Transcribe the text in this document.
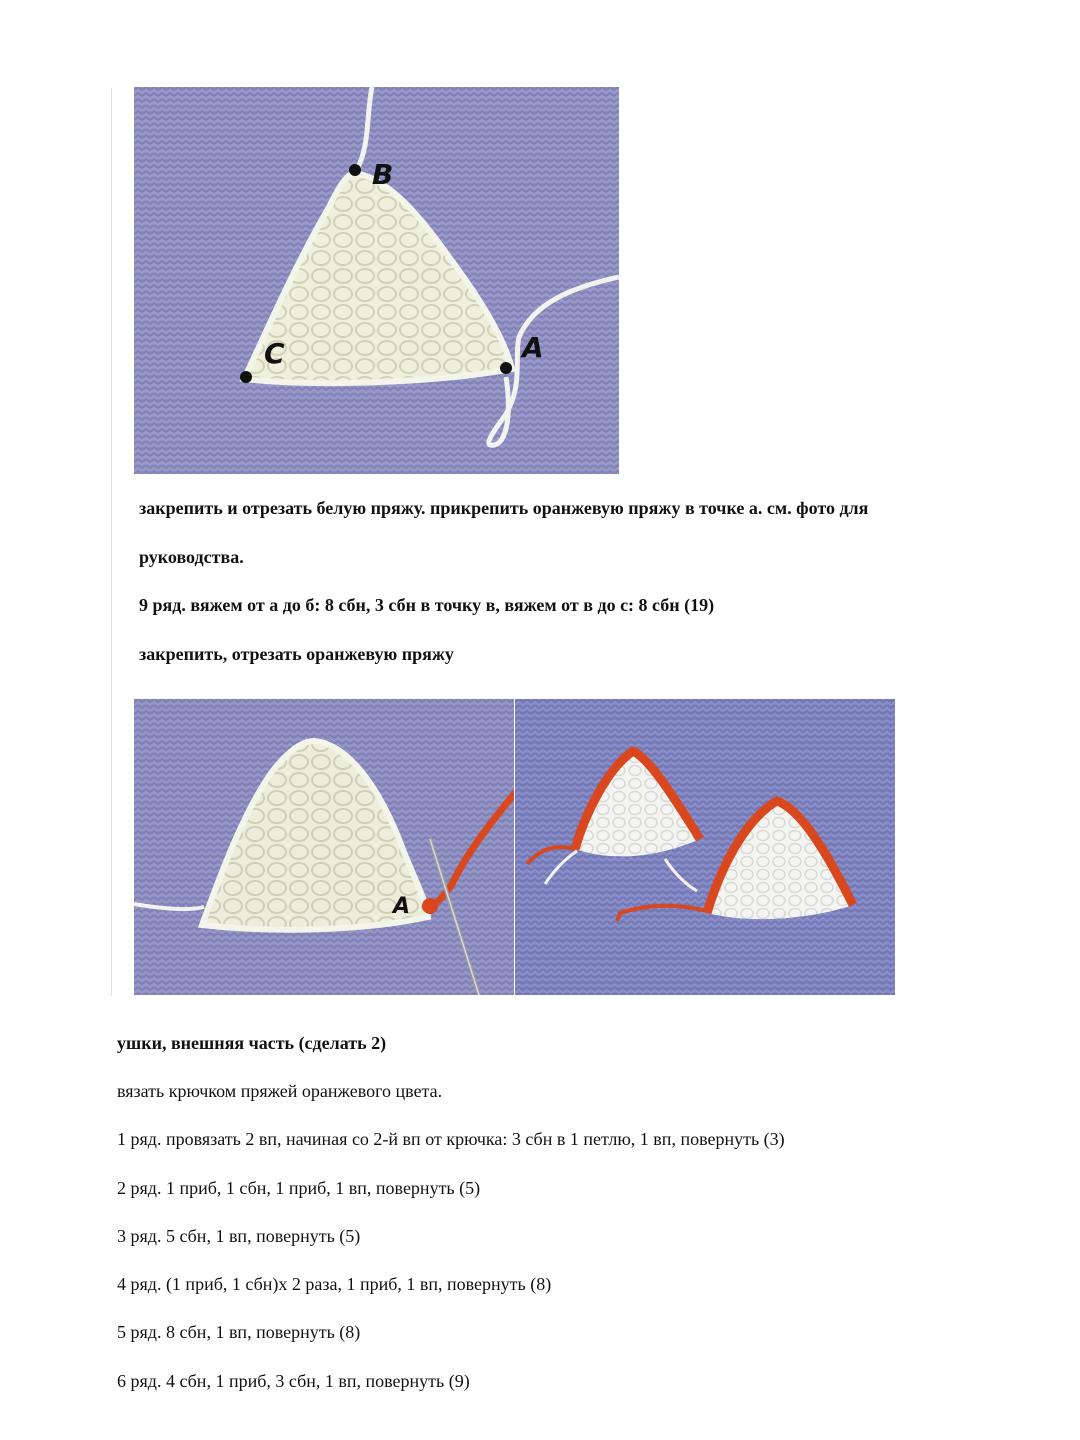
B
C	A
закрепить и отрезать белую пряжу. прикрепить оранжевую пряжу в точке а. см. фото для
руководства.
9 ряд. вяжем от а до б: 8 сбн, 3 сбн в точку в, вяжем от в до с: 8 сбн (19)
закрепить, отрезать оранжевую пряжу
A
ушки, внешняя часть (сделать 2)
вязать крючком пряжей оранжевого цвета.
1 ряд. провязать 2 вп, начиная со 2-й вп от крючка: 3 сбн в 1 петлю, 1 вп, повернуть (3)
2 ряд. 1 приб, 1 сбн, 1 приб, 1 вп, повернуть (5)
3 ряд. 5 сбн, 1 вп, повернуть (5)
4 ряд. (1 приб, 1 сбн)х 2 раза, 1 приб, 1 вп, повернуть (8)
5 ряд. 8 сбн, 1 вп, повернуть (8)
6 ряд. 4 сбн, 1 приб, 3 сбн, 1 вп, повернуть (9)
